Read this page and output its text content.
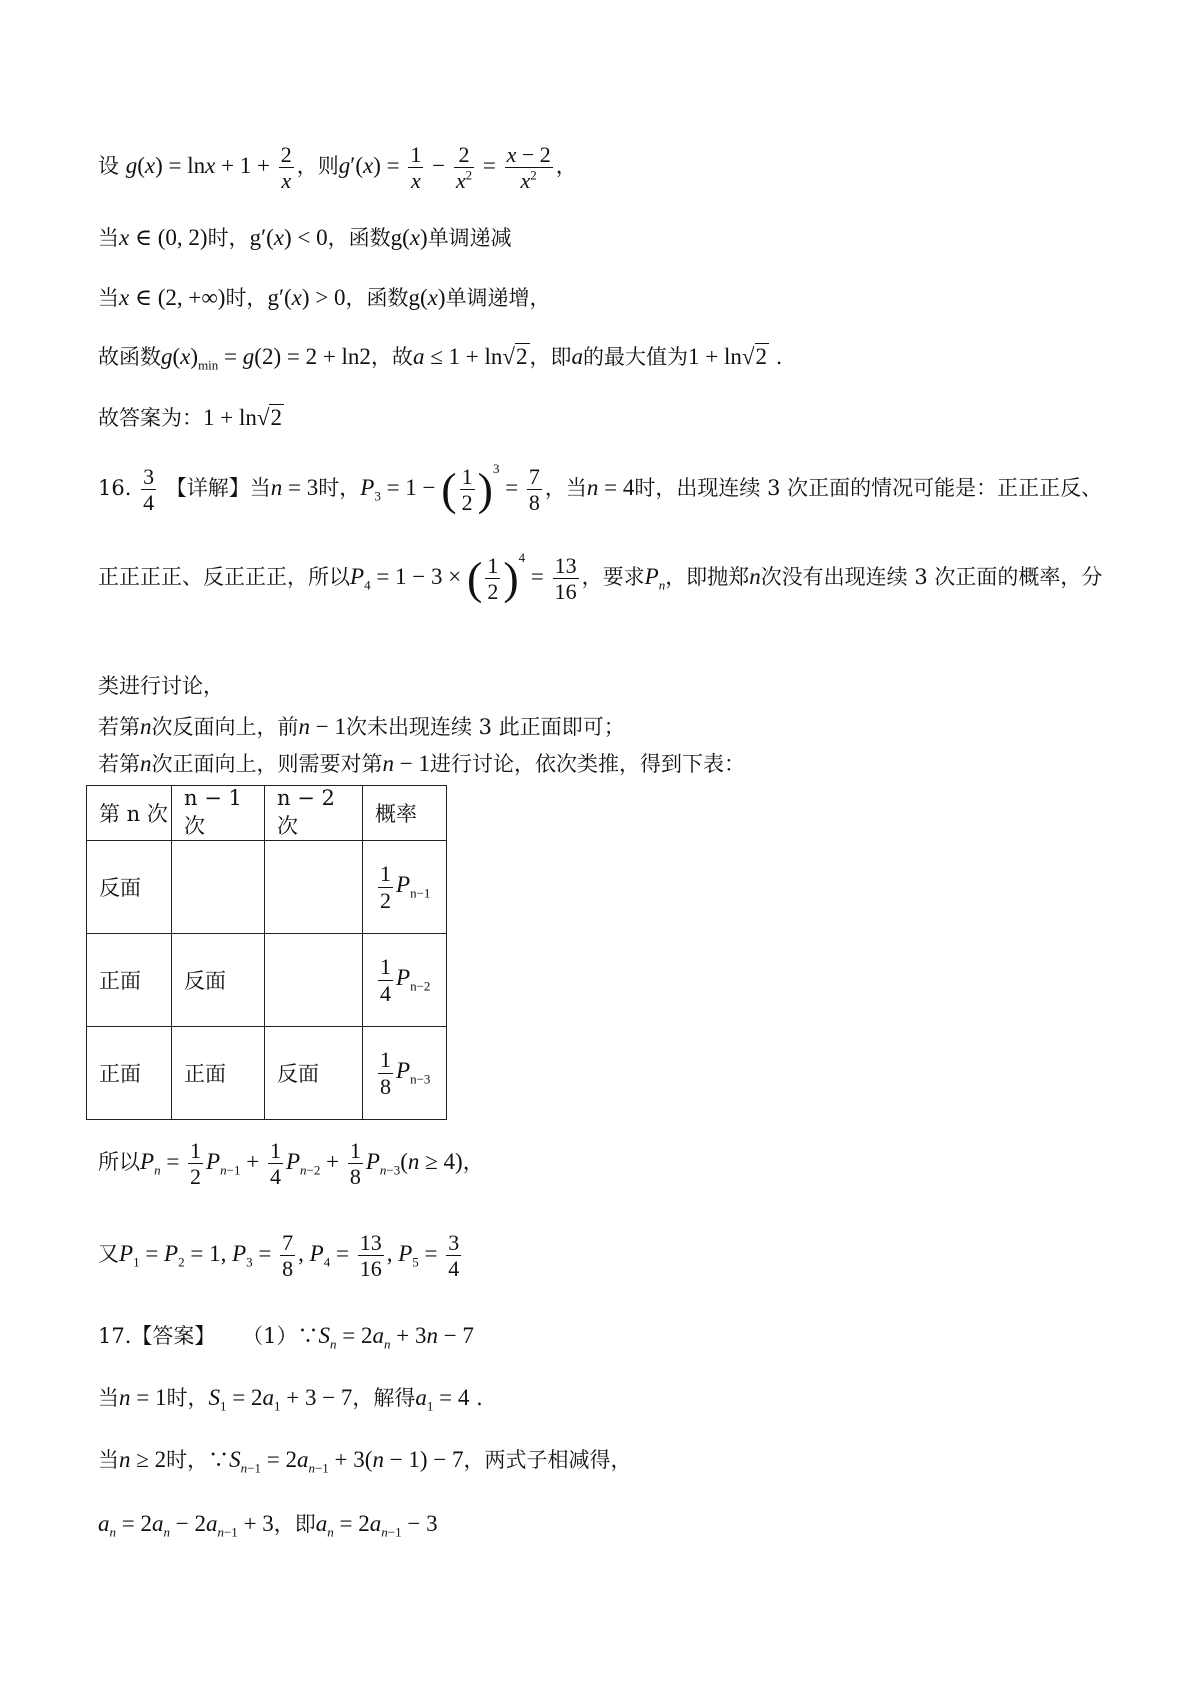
设 $g(x) = \ln x + 1 + \frac{2}{x}$ ，则$g'(x) = \frac{1}{x} - \frac{2}{x^2} = \frac{x - 2}{x^2}$ ，
当x ∈ (0, 2)时，g′(x) < 0，函数g(x)单调递减
当x ∈ (2, +∞)时，g′(x) > 0，函数g(x)单调递增，
故函数$g(x)_{min} = g(2) = 2 + \ln 2$，故a ≤ 1 + ln√2，即a的最大值为1 + ln√2 .
故答案为：1 + ln√2
16. $\frac{3}{4}$ 【详解】当n = 3时，$P_3 = 1$ − ( $\frac{1}{2} )^3 = \frac{7}{8}$ ，当n = 4时，出现连续 3 次正面的情况可能是：正正正反、
正正正正、反正正正，所以$P_4 = 1 - 3$ × ( $\frac{1}{2} )^4 = \frac{13}{16}$ ，要求$P_n$，即抛郑n次没有出现连续 3 次正面的概率，分
类进行讨论，
若第n次反面向上，前n − 1次未出现连续 3 此正面即可；
若第n次正面向上，则需要对第n − 1进行讨论，依次类推，得到下表：
第 n 次	n − 1 次	n − 2 次	概率
反面			$\frac{1}{2} P_{n-1}$
正面	反面		$\frac{1}{4} P_{n-2}$
正面	正面	反面	$\frac{1}{8} P_{n-3}$
所以$P_n = \frac{1}{2} P_{n-1} + \frac{1}{4} P_{n-2} + \frac{1}{8} P_{n-3}(n \ge 4)$，
又$P_1 = P_2 = 1$, $P_3 = \frac{7}{8}$ , $P_4 = \frac{13}{16}$ , $P_5 = \frac{3}{4}$
17.【答案】 $(1)\because S_n = 2a_n + 3n - 7$
当n = 1时，$S_1 = 2a_1 + 3 - 7$，解得$a_1 = 4$ .
当n ≥ 2时，$\because S_{n-1} = 2a_{n-1} + 3(n - 1) - 7$，两式子相减得，
$a_n = 2a_n - 2a_{n-1} + 3$，即$a_n = 2a_{n-1} - 3$
